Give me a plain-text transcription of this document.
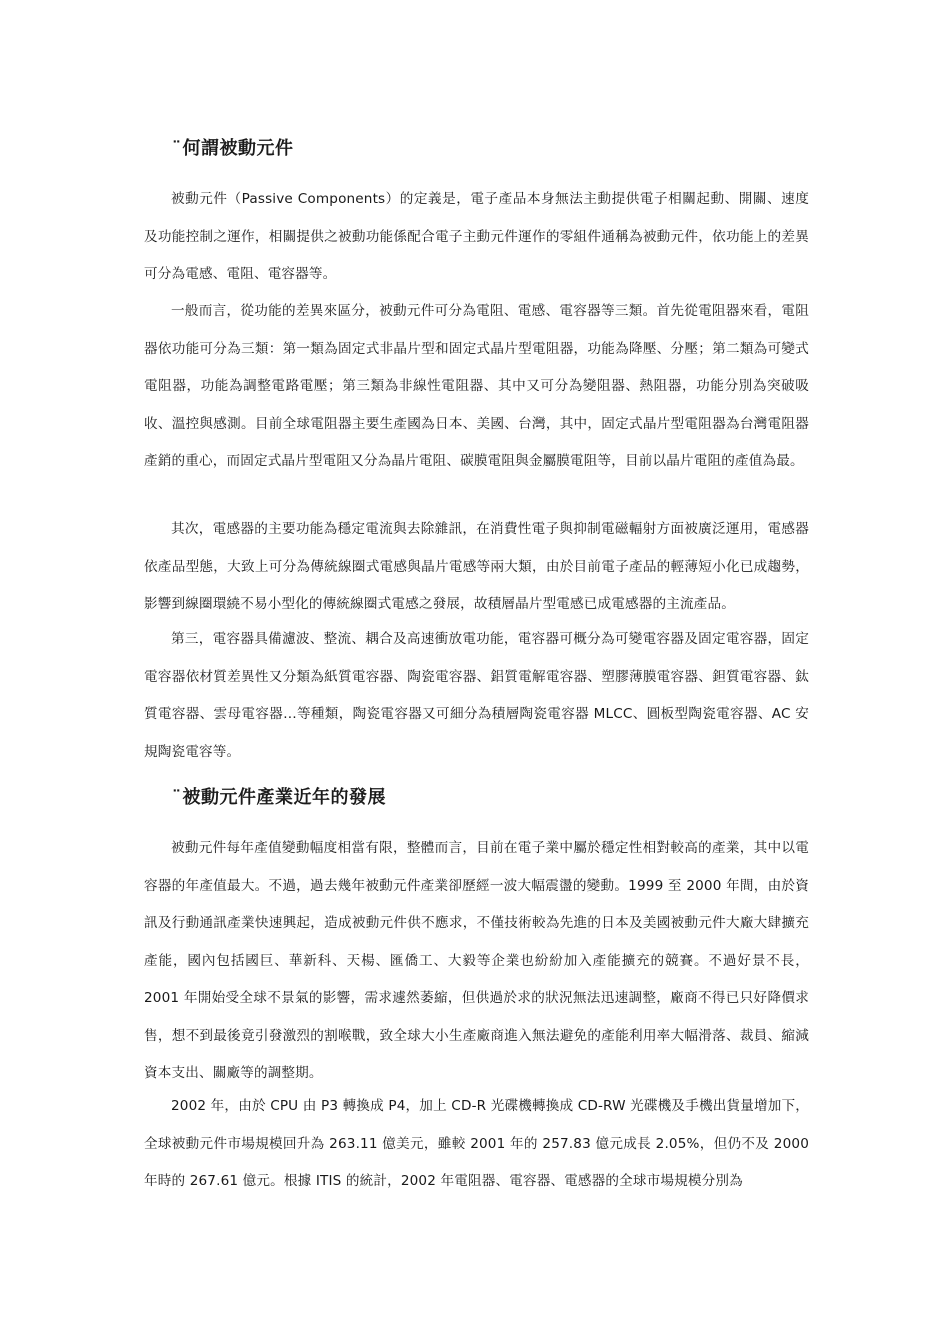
¨何謂被動元件
被動元件（Passive Components）的定義是，電子產品本身無法主動提供電子相關起動、開關、速度及功能控制之運作，相關提供之被動功能係配合電子主動元件運作的零組件通稱為被動元件，依功能上的差異可分為電感、電阻、電容器等。
一般而言，從功能的差異來區分，被動元件可分為電阻、電感、電容器等三類。首先從電阻器來看，電阻器依功能可分為三類：第一類為固定式非晶片型和固定式晶片型電阻器，功能為降壓、分壓；第二類為可變式電阻器，功能為調整電路電壓；第三類為非線性電阻器、其中又可分為變阻器、熱阻器，功能分別為突破吸收、溫控與感測。目前全球電阻器主要生產國為日本、美國、台灣，其中，固定式晶片型電阻器為台灣電阻器產銷的重心，而固定式晶片型電阻又分為晶片電阻、碳膜電阻與金屬膜電阻等，目前以晶片電阻的產值為最。
其次，電感器的主要功能為穩定電流與去除雜訊，在消費性電子與抑制電磁輻射方面被廣泛運用，電感器依產品型態，大致上可分為傳統線圈式電感與晶片電感等兩大類，由於目前電子產品的輕薄短小化已成趨勢，影響到線圈環繞不易小型化的傳統線圈式電感之發展，故積層晶片型電感已成電感器的主流產品。
第三，電容器具備濾波、整流、耦合及高速衝放電功能，電容器可概分為可變電容器及固定電容器，固定電容器依材質差異性又分類為紙質電容器、陶瓷電容器、鋁質電解電容器、塑膠薄膜電容器、鉭質電容器、鈦質電容器、雲母電容器…等種類，陶瓷電容器又可細分為積層陶瓷電容器 MLCC、圓板型陶瓷電容器、AC 安規陶瓷電容等。
¨被動元件產業近年的發展
被動元件每年產值變動幅度相當有限，整體而言，目前在電子業中屬於穩定性相對較高的產業，其中以電容器的年產值最大。不過，過去幾年被動元件產業卻歷經一波大幅震盪的變動。1999 至 2000 年間，由於資訊及行動通訊產業快速興起，造成被動元件供不應求，不僅技術較為先進的日本及美國被動元件大廠大肆擴充產能，國內包括國巨、華新科、天楊、匯僑工、大毅等企業也紛紛加入產能擴充的競賽。不過好景不長，2001 年開始受全球不景氣的影響，需求遽然萎縮，但供過於求的狀況無法迅速調整，廠商不得已只好降價求售，想不到最後竟引發激烈的割喉戰，致全球大小生產廠商進入無法避免的產能利用率大幅滑落、裁員、縮減資本支出、關廠等的調整期。
2002 年，由於 CPU 由 P3 轉換成 P4，加上 CD-R 光碟機轉換成 CD-RW 光碟機及手機出貨量增加下，全球被動元件市場規模回升為 263.11 億美元，雖較 2001 年的 257.83 億元成長 2.05%，但仍不及 2000 年時的 267.61 億元。根據 ITIS 的統計，2002 年電阻器、電容器、電感器的全球市場規模分別為
